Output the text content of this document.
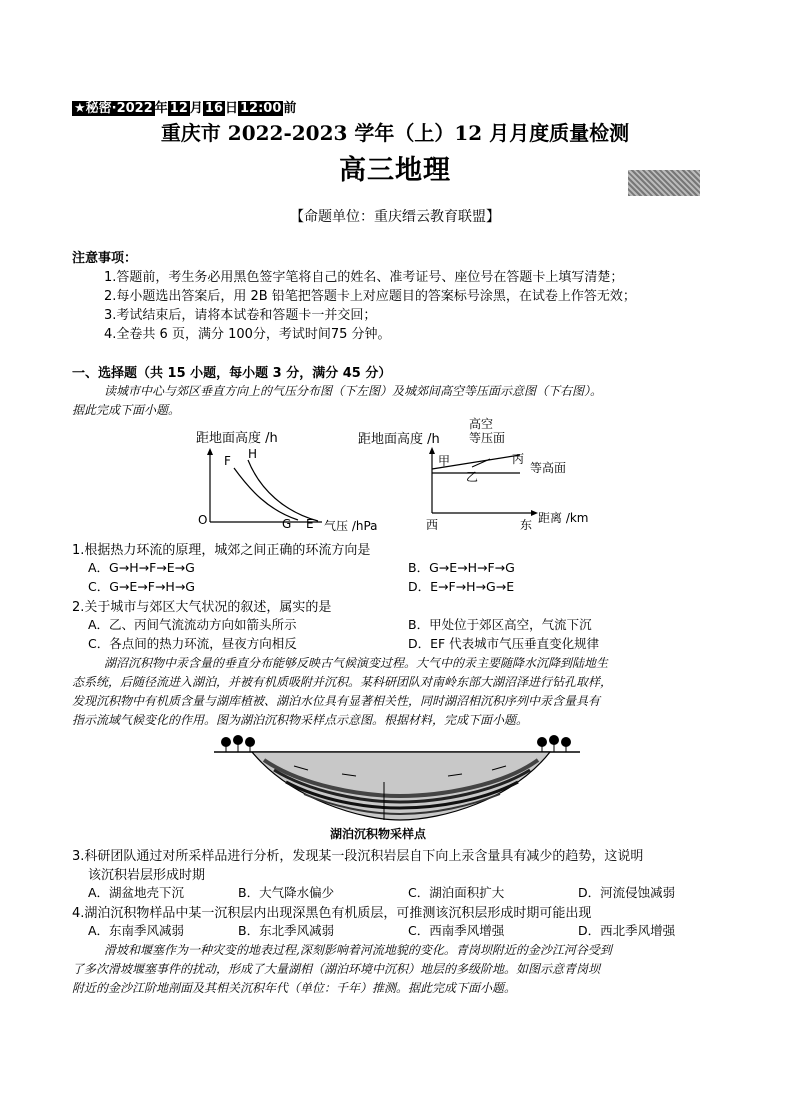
★秘密·2022 年 12 月 16 日 12:00 前
重庆市 2022-2023 学年（上）12 月月度质量检测
高三地理
【命题单位：重庆缙云教育联盟】
注意事项：
1.答题前，考生务必用黑色签字笔将自己的姓名、准考证号、座位号在答题卡上填写清楚；
2.每小题选出答案后，用 2B 铅笔把答题卡上对应题目的答案标号涂黑，在试卷上作答无效；
3.考试结束后，请将本试卷和答题卡一并交回；
4.全卷共 6 页，满分 100分，考试时间75 分钟。
一、选择题（共 15 小题，每小题 3 分，满分 45 分）
读城市中心与郊区垂直方向上的气压分布图（下左图）及城郊间高空等压面示意图（下右图）。
据此完成下面小题。
距地面高度 /h
O
F H
G E 气压 /hPa
距地面高度 /h
高空
等压面
甲
乙
丙
等高面
西	东 距离 /km
1.根据热力环流的原理，城郊之间正确的环流方向是
A．G→H→F→E→G	B．G→E→H→F→G
C．G→E→F→H→G	D．E→F→H→G→E
2.关于城市与郊区大气状况的叙述，属实的是
A．乙、丙间气流流动方向如箭头所示	B．甲处位于郊区高空，气流下沉
C．各点间的热力环流，昼夜方向相反	D．EF 代表城市气压垂直变化规律
湖沼沉积物中汞含量的垂直分布能够反映古气候演变过程。大气中的汞主要随降水沉降到陆地生
态系统，后随径流进入湖泊，并被有机质吸附并沉积。某科研团队对南岭东部大湖沼泽进行钻孔取样，
发现沉积物中有机质含量与湖库植被、湖泊水位具有显著相关性，同时湖沼相沉积序列中汞含量具有
指示流域气候变化的作用。图为湖泊沉积物采样点示意图。根据材料，完成下面小题。
湖泊沉积物采样点
3.科研团队通过对所采样品进行分析，发现某一段沉积岩层自下向上汞含量具有减少的趋势，这说明
该沉积岩层形成时期
A．湖盆地壳下沉	B．大气降水偏少	C．湖泊面积扩大	D．河流侵蚀减弱
4.湖泊沉积物样品中某一沉积层内出现深黑色有机质层，可推测该沉积层形成时期可能出现
A．东南季风减弱	B．东北季风减弱	C．西南季风增强	D．西北季风增强
滑坡和堰塞作为一种灾变的地表过程,深刻影响着河流地貌的变化。青岗坝附近的金沙江河谷受到
了多次滑坡堰塞事件的扰动，形成了大量湖相（湖泊环境中沉积）地层的多级阶地。如图示意青岗坝
附近的金沙江阶地剖面及其相关沉积年代（单位：千年）推测。据此完成下面小题。
